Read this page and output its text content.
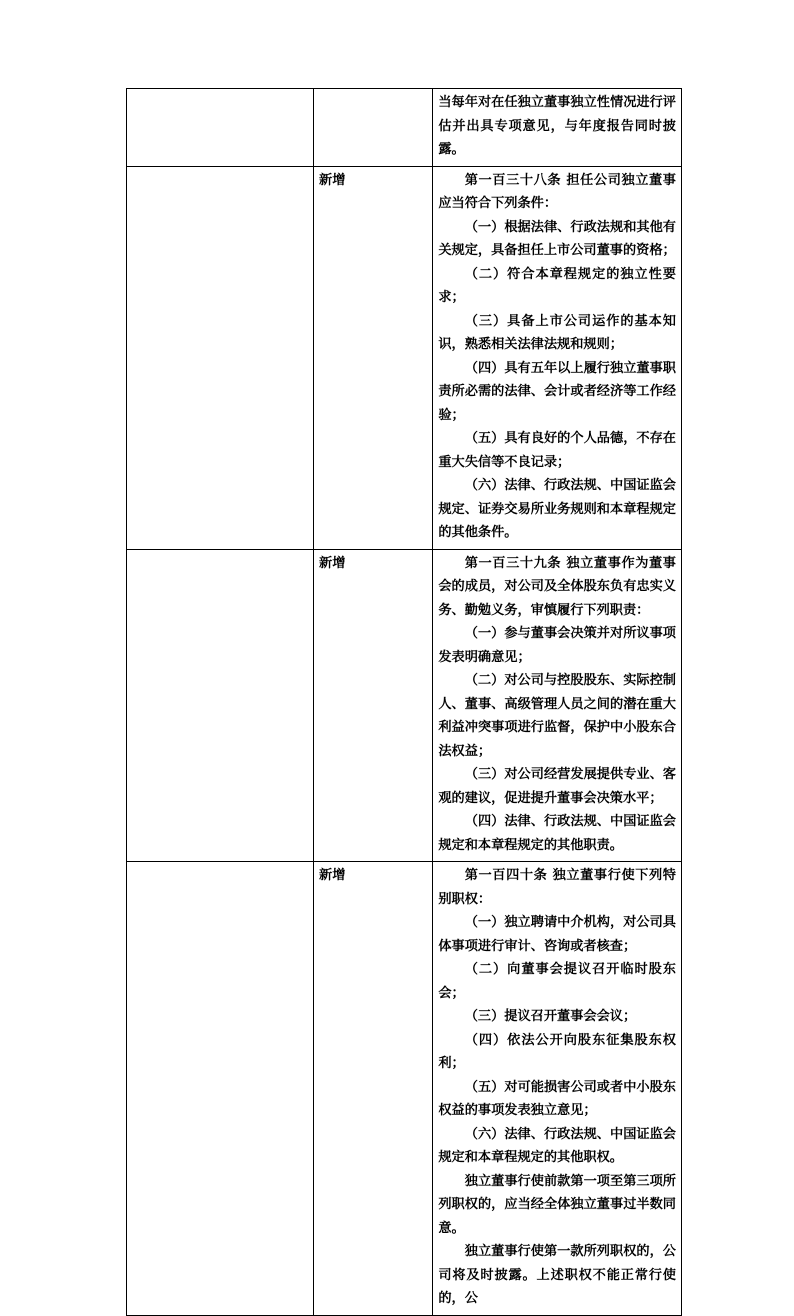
		当每年对在任独立董事独立性情况进行评估并出具专项意见，与年度报告同时披露。

	新增	第一百三十八条 担任公司独立董事应当符合下列条件：

（一）根据法律、行政法规和其他有关规定，具备担任上市公司董事的资格；

（二）符合本章程规定的独立性要求；

（三）具备上市公司运作的基本知识，熟悉相关法律法规和规则；

（四）具有五年以上履行独立董事职责所必需的法律、会计或者经济等工作经验；

（五）具有良好的个人品德，不存在重大失信等不良记录；

（六）法律、行政法规、中国证监会规定、证券交易所业务规则和本章程规定的其他条件。

	新增	第一百三十九条 独立董事作为董事会的成员，对公司及全体股东负有忠实义务、勤勉义务，审慎履行下列职责：

（一）参与董事会决策并对所议事项发表明确意见；

（二）对公司与控股股东、实际控制人、董事、高级管理人员之间的潜在重大利益冲突事项进行监督，保护中小股东合法权益；

（三）对公司经营发展提供专业、客观的建议，促进提升董事会决策水平；

（四）法律、行政法规、中国证监会规定和本章程规定的其他职责。

	新增	第一百四十条 独立董事行使下列特别职权：

（一）独立聘请中介机构，对公司具体事项进行审计、咨询或者核查；

（二）向董事会提议召开临时股东会；

（三）提议召开董事会会议；

（四）依法公开向股东征集股东权利；

（五）对可能损害公司或者中小股东权益的事项发表独立意见；

（六）法律、行政法规、中国证监会规定和本章程规定的其他职权。

独立董事行使前款第一项至第三项所列职权的，应当经全体独立董事过半数同意。

独立董事行使第一款所列职权的，公司将及时披露。上述职权不能正常行使的，公
